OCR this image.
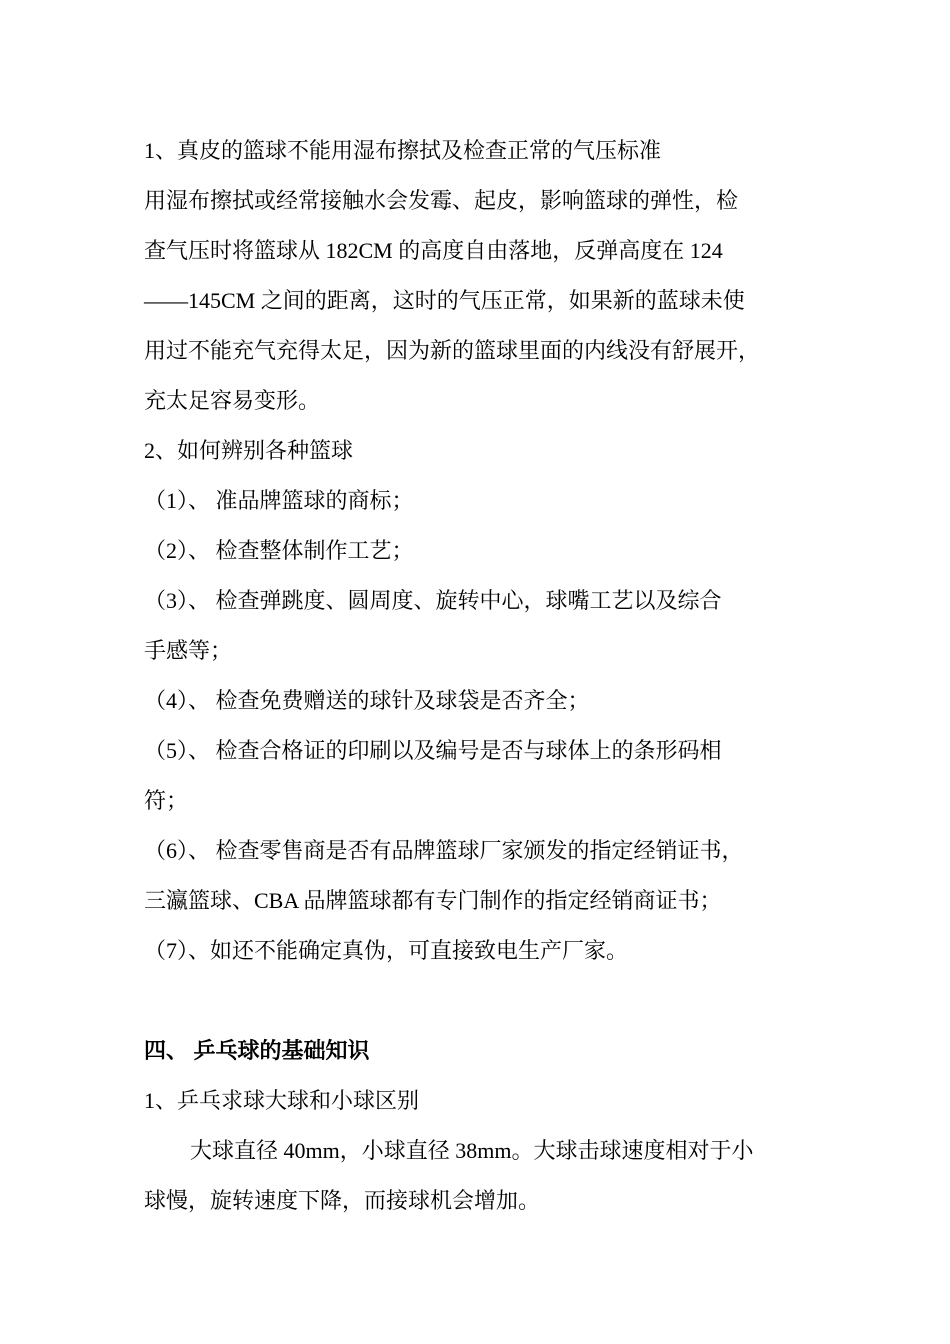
1、真皮的篮球不能用湿布擦拭及检查正常的气压标准
用湿布擦拭或经常接触水会发霉、起皮，影响篮球的弹性，检
查气压时将篮球从 182CM 的高度自由落地，反弹高度在 124
——145CM 之间的距离，这时的气压正常，如果新的蓝球未使
用过不能充气充得太足，因为新的篮球里面的内线没有舒展开，
充太足容易变形。
2、如何辨别各种篮球
（1）、 准品牌篮球的商标；
（2）、 检查整体制作工艺；
（3）、 检查弹跳度、圆周度、旋转中心，球嘴工艺以及综合
手感等；
（4）、 检查免费赠送的球针及球袋是否齐全；
（5）、 检查合格证的印刷以及编号是否与球体上的条形码相
符；
（6）、 检查零售商是否有品牌篮球厂家颁发的指定经销证书，
三瀛篮球、CBA 品牌篮球都有专门制作的指定经销商证书；
（7）、如还不能确定真伪，可直接致电生产厂家。
四、 乒乓球的基础知识
1、乒乓求球大球和小球区别
大球直径 40mm，小球直径 38mm。大球击球速度相对于小
球慢，旋转速度下降，而接球机会增加。
